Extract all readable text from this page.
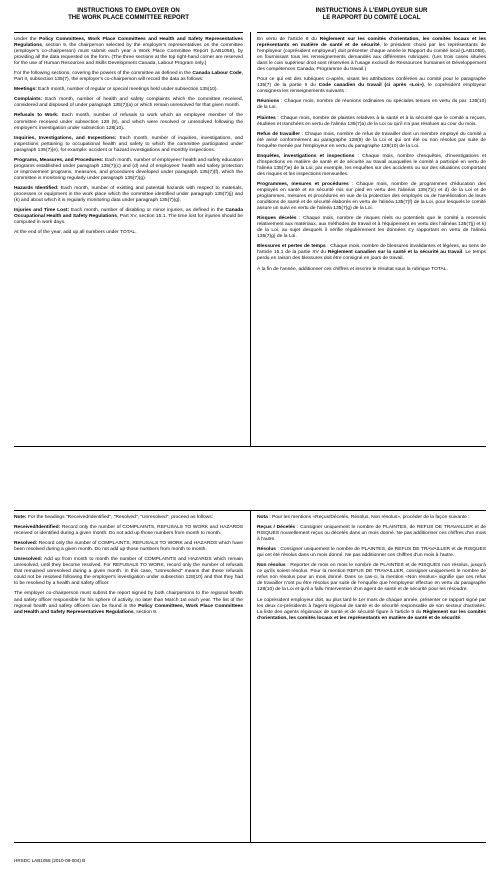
INSTRUCTIONS TO EMPLOYER ON
THE WORK PLACE COMMITTEE REPORT
INSTRUCTIONS À L'EMPLOYEUR SUR
LE RAPPORT DU COMITÉ LOCAL

Under the Policy Committees, Work Place Committees and Health and Safety Representatives Regulations, section 9, the chairperson selected by the employer's representatives on the committee (employer's co-chairperson) must submit each year a Work Place Committee Report (LAB1058), by providing all the data requested on the form. (The three sections at the top right-hand corner are reserved for the use of Human Resources and Skills Development Canada, Labour Program only.)

For the following sections, covering the powers of the committee as defined in the Canada Labour Code, Part II, subsection 135(7), the employer's co-chairperson will record the data as follows:

Meetings: Each month, number of regular or special meetings held under subsection 135(10).

Complaints: Each month, number of health and safety complaints which the committee received, considered and disposed of under paragraph 135(7)(a) or which remain unresolved for that given month.

Refusals to Work: Each month, number of refusals to work which an employee member of the committee received under subsection 128 (9), and which were resolved or unresolved following the employer's investigation under subsection 128(10).

Inquiries, Investigations, and Inspections: Each month, number of inquiries, investigations, and inspections pertaining to occupational health and safety to which the committee participated under paragraph 135(7)(e), for example: accident or hazard investigations and monthly inspections.

Programs, Measures, and Procedures: Each month, number of employees' health and safety education programs established under paragraph 135(7)(c) and (d) and of employees' health and safety protection or improvement programs, measures, and procedures developed under paragraph 135(7)(f), which the committee is monitoring regularly under paragraph 135(7)(g).

Hazards Identified: Each month, number of existing and potential hazards with respect to materials, processes or equipment in the work place which the committee identified under paragraph 135(7)(j) and (k) and about which it is regularly monitoring data under paragraph 135(7)(g).

Injuries and Time Lost: Each month, number of disabling or minor injuries, as defined in the Canada Occupational Health and Safety Regulations, Part XV, section 15.1. The time lost for injuries should be computed in work days.

At the end of the year, add up all numbers under TOTAL.

En vertu de l'article 9 du Règlement sur les comités d'orientation, les comités locaux et les représentants en matière de santé et de sécurité, le président choisi par les représentants de l'employeur (coprésident employeur) doit présenter chaque année le Rapport du comité local (LAB1058), en fournissant tous les renseignements demandés aux différentes rubriques. (Les trois cases situées dans le coin supérieur droit sont réservées à l'usage exclusif de Ressources humaines et Développement des compétences Canada, Programme du travail.)

Pour ce qui est des rubriques ci-après, visant les attributions conférées au comité pour le paragraphe 135(7) de la partie II du Code canadien du travail (ci après «Loi»), le coprésident employeur consignera les renseignements suivants :

Réunions : Chaque mois, nombre de réunions ordinaires ou spéciales tenues en vertu du par. 135(10) de la Loi.

Plaintes : Chaque mois, nombre de plaintes relatives à la santé et à la sécurité que le comité a reçues, étudiées et tranchées en vertu de l'alinéa 135(7)a) de la Loi ou qu'il n'a pas résolues au cour du mois.

Refus de travailler : Chaque mois, nombre de refus de travailler dont un membre employé du comité a été avisé conformément au paragraphe 128(9) de la Loi et qui ont été ou non résolus par suite de l'enquête menée par l'employeur en vertu du paragraphe 128(10) de la Loi.

Enquêtes, investigations et inspections : Chaque mois, nombre d'enquêtes, d'investigations et d'inspections en matière de santé et de sécurité au travail auxquelles le comité a participé en vertu de l'alinéa 135(7)e) de la Loi, par exemple, les enquêtes sur des accidents ou sur des situations comportant des risques et les inspections mensuelles.

Programmes, mesures et procédures : Chaque mois, nombre de programmes d'éducation des employés en santé et en sécurité mis sur pied en vertu des l'alinéas 135(7)c) et d) de la Loi et de programmes, mesures et procédures en vue de la protection des employés ou de l'amélioration de leurs conditions de santé et de sécurité élaborés en vertu de l'alinéa 135(7)f) de la Loi, pour lesquels le comité assure un suivi en vertu de l'alinéa 135(7)g) de la Loi.

Risques décelés : Chaque mois, nombre de risques réels ou potentiels que le comité a recensés relativement aux matériaux, aux méthodes de travail et à l'équipement en vertu des l'alinéas 135(7)j) et k) de la Loi, au sujet desquels il vérifie régulièrement les données s'y rapportant en vertu de l'alinéa 135(7)g) de la Loi.

Blessures et pertes de temps : Chaque mois, nombre de blessures invalidantes et légères, au sens de l'article 15.1 de la partie XV du Règlement canadien sur la santé et la sécurité au travail. Le temps perdu en raison des blessures doit être consigné en jours de travail.

À la fin de l'année, additionner ces chiffres et inscrire le résultat sous la rubrique TOTAL.

Note: For the headings "Received/Identified", "Resolved", "Unresolved", proceed as follows:

Received/Identified: Record only the number of COMPLAINTS, REFUSALS TO WORK and HAZARDS received or identified during a given month. Do not add up those numbers from month to month.

Resolved: Record only the number of COMPLAINTS, REFUSALS TO WORK and HAZARDS which have been resolved during a given month. Do not add up those numbers from month to month.

Unresolved: Add up from month to month the number of COMPLAINTS and HAZARDS which remain unresolved, until they become resolved. For REFUSALS TO WORK, record only the number of refusals that remained unresolved during a given month. In this case, "Unresolved" means that these refusals could not be resolved following the employer's investigation under subsection 128(10) and that they had to be resolved by a health and safety officer.

The employer co-chairperson must submit the report signed by both chairpersons to the regional health and safety officer responsible for his sphere of activity, no later than March 1st each year. The list of the regional health and safety officers can be found in the Policy Committees, Work Place Committees and Health and Safety Representatives Regulations, section 9.

Nota : Pour les mentions «Reçus/Décelés, Résolus, Non résolus», procéder de la façon suivante :

Reçus / Décelés : Consigner uniquement le nombre de PLAINTES, de REFUS DE TRAVAILLER et de RISQUES nouvellement reçus ou décelés dans un mois donné. Ne pas additionner ces chiffres d'un mois à l'autre.

Résolus : Consigner uniquement le nombre de PLAINTES, de REFUS DE TRAVAILLER et de RISQUES qui ont été résolus dans un mois donné. Ne pas additionner ces chiffres d'un mois à l'autre.

Non résolus : Reporter de mois en mois le nombre de PLAINTES et de RISQUES non résolus, jusqu'à ce qu'ils soient résolus. Pour la mention REFUS DE TRAVAILLER, consigner uniquement le nombre de refus non résolus pour un mois donné. Dans ce cas-ci, la mention «Non résolus» signifie que ces refus de travailler n'ont pu être résolus par suite de l'enquête que l'employeur effectue en vertu du paragraphe 128(10) de la Loi et qu'il a fallu l'intervention d'un agent de santé et de sécurité pour les résoudre.

Le coprésident employeur doit, au plus tard le 1er mars de chaque année, présenter ce rapport signé par les deux co-présidents à l'agent régional de santé et de sécurité responsable de son secteur d'activités. La liste des agents régionaux de santé et de sécurité figure à l'article 9 du Règlement sur les comités d'orientation, les comités locaux et les représentants en matière de santé et de sécurité.

HRSDC LAB1058 (2010-08-004) B
